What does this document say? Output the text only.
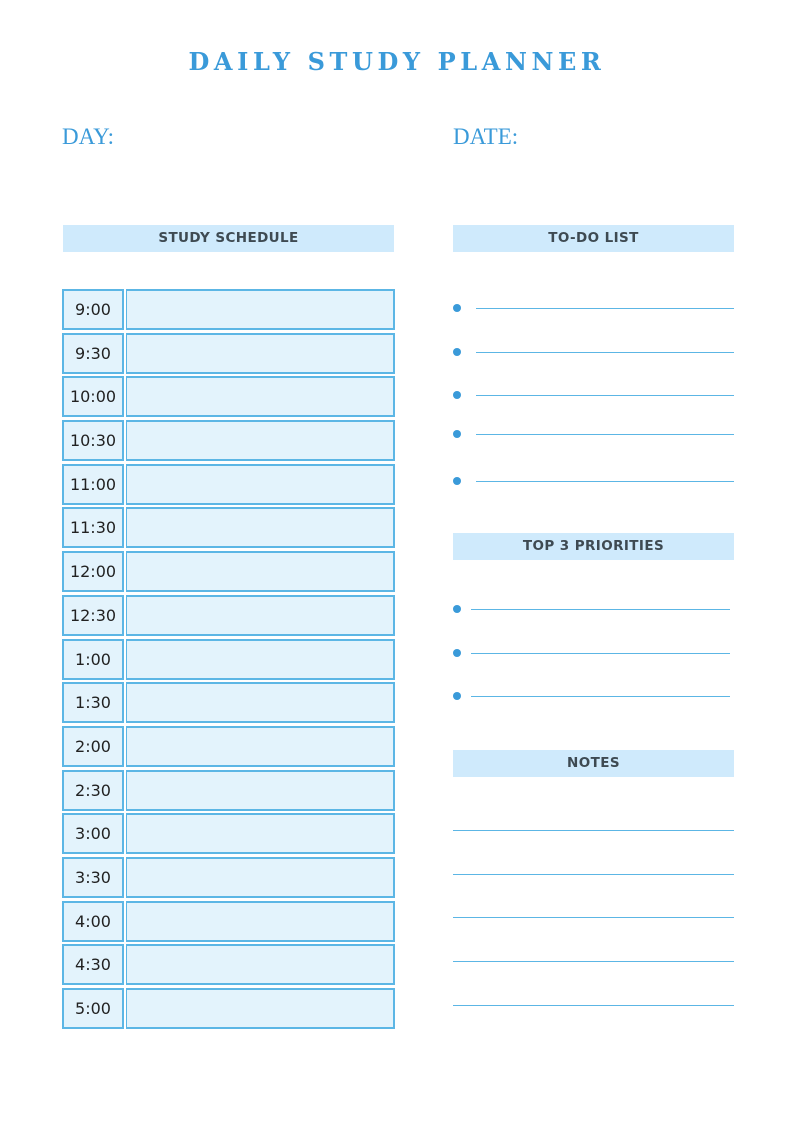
DAILY STUDY PLANNER
DAY:	DATE:
STUDY SCHEDULE	TO-DO LIST
TOP 3 PRIORITIES
NOTES
9:00
9:30
10:00
10:30
11:00
11:30
12:00
12:30
1:00
1:30
2:00
2:30
3:00
3:30
4:00
4:30
5:00
